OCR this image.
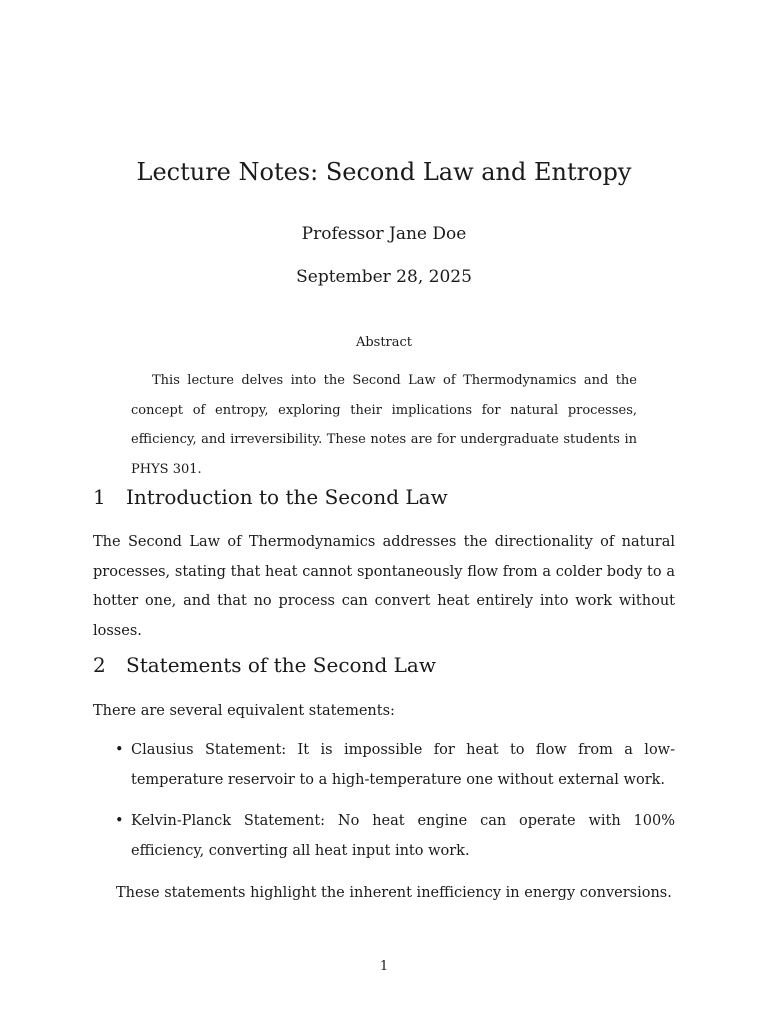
Lecture Notes: Second Law and Entropy
Professor Jane Doe
September 28, 2025
Abstract

This lecture delves into the Second Law of Thermodynamics and the concept of entropy, exploring their implications for natural processes, efficiency, and irreversibility. These notes are for undergraduate students in PHYS 301.

1 Introduction to the Second Law

The Second Law of Thermodynamics addresses the directionality of natural processes, stating that heat cannot spontaneously flow from a colder body to a hotter one, and that no process can convert heat entirely into work without losses.

2 Statements of the Second Law

There are several equivalent statements:

• Clausius Statement: It is impossible for heat to flow from a low-temperature reservoir to a high-temperature one without external work.

• Kelvin-Planck Statement: No heat engine can operate with 100% efficiency, converting all heat input into work.

These statements highlight the inherent inefficiency in energy conversions.

1
